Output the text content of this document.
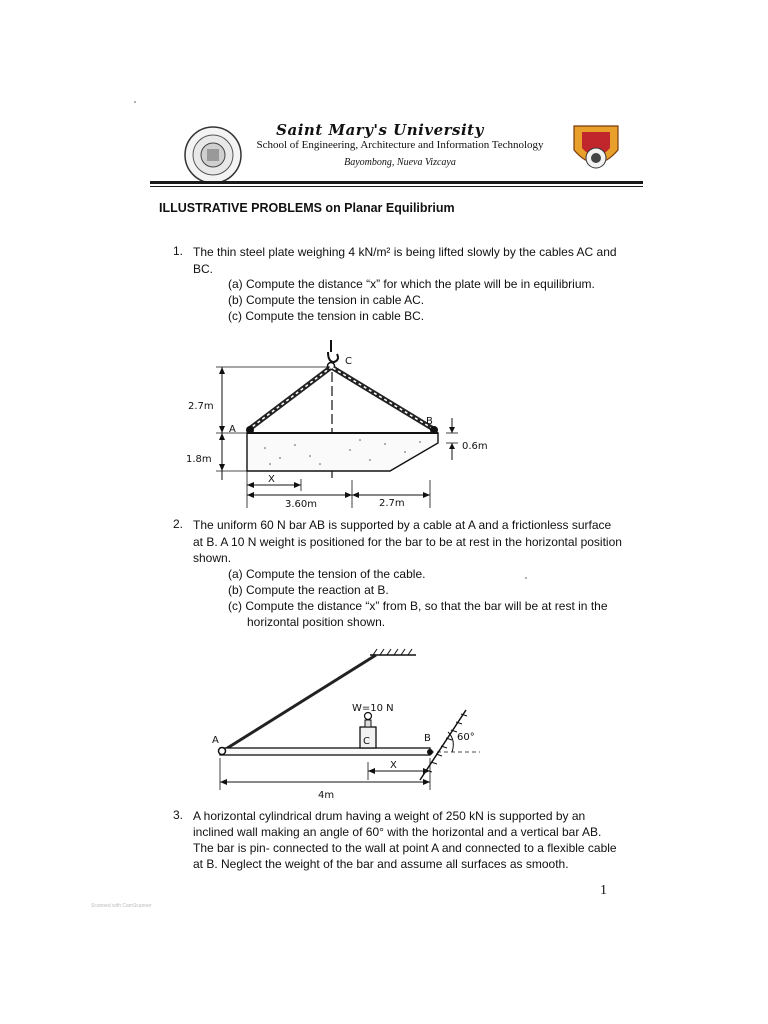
Saint Mary's University
School of Engineering, Architecture and Information Technology
Bayombong, Nueva Vizcaya
ILLUSTRATIVE PROBLEMS on Planar Equilibrium
1. The thin steel plate weighing 4 kN/m² is being lifted slowly by the cables AC and
BC.
(a) Compute the distance “x” for which the plate will be in equilibrium.
(b) Compute the tension in cable AC.
(c) Compute the tension in cable BC.
C
A
B
2.7m
1.8m
0.6m
X
3.60m	2.7m
2. The uniform 60 N bar AB is supported by a cable at A and a frictionless surface
at B. A 10 N weight is positioned for the bar to be at rest in the horizontal position
shown.
(a) Compute the tension of the cable.
(b) Compute the reaction at B.
(c) Compute the distance “x” from B, so that the bar will be at rest in the
horizontal position shown.
W=10 N
A	B
C	60°
X
4m
3. A horizontal cylindrical drum having a weight of 250 kN is supported by an
inclined wall making an angle of 60° with the horizontal and a vertical bar AB.
The bar is pin- connected to the wall at point A and connected to a flexible cable
at B. Neglect the weight of the bar and assume all surfaces as smooth.
1
Scanned with CamScanner
